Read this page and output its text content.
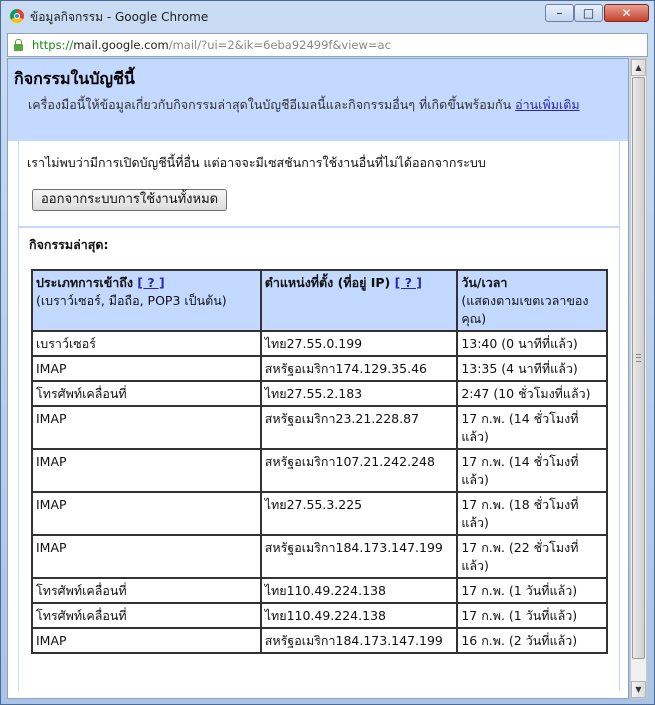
ข้อมูลกิจกรรม - Google Chrome	–	□	✕
https://mail.google.com/mail/?ui=2&ik=6eba92499f&view=ac
กิจกรรมในบัญชีนี้
เครื่องมือนี้ให้ข้อมูลเกี่ยวกับกิจกรรมล่าสุดในบัญชีอีเมลนี้และกิจกรรมอื่นๆ ที่เกิดขึ้นพร้อมกัน อ่านเพิ่มเติม
เราไม่พบว่ามีการเปิดบัญชีนี้ที่อื่น แต่อาจจะมีเซสชันการใช้งานอื่นที่ไม่ได้ออกจากระบบ
ออกจากระบบการใช้งานทั้งหมด
กิจกรรมล่าสุด:
ประเภทการเข้าถึง [ ? ]
(เบราว์เซอร์, มือถือ, POP3 เป็นต้น)	ตำแหน่งที่ตั้ง (ที่อยู่ IP) [ ? ]	วัน/เวลา
(แสดงตามเขตเวลาของคุณ)
เบราว์เซอร์	ไทย27.55.0.199	13:40 (0 นาทีที่แล้ว)
IMAP	สหรัฐอเมริกา174.129.35.46	13:35 (4 นาทีที่แล้ว)
โทรศัพท์เคลื่อนที่	ไทย27.55.2.183	2:47 (10 ชั่วโมงที่แล้ว)
IMAP	สหรัฐอเมริกา23.21.228.87	17 ก.พ. (14 ชั่วโมงที่แล้ว)
IMAP	สหรัฐอเมริกา107.21.242.248	17 ก.พ. (14 ชั่วโมงที่แล้ว)
IMAP	ไทย27.55.3.225	17 ก.พ. (18 ชั่วโมงที่แล้ว)
IMAP	สหรัฐอเมริกา184.173.147.199	17 ก.พ. (22 ชั่วโมงที่แล้ว)
โทรศัพท์เคลื่อนที่	ไทย110.49.224.138	17 ก.พ. (1 วันที่แล้ว)
โทรศัพท์เคลื่อนที่	ไทย110.49.224.138	17 ก.พ. (1 วันที่แล้ว)
IMAP	สหรัฐอเมริกา184.173.147.199	16 ก.พ. (2 วันที่แล้ว)
▲
▼
